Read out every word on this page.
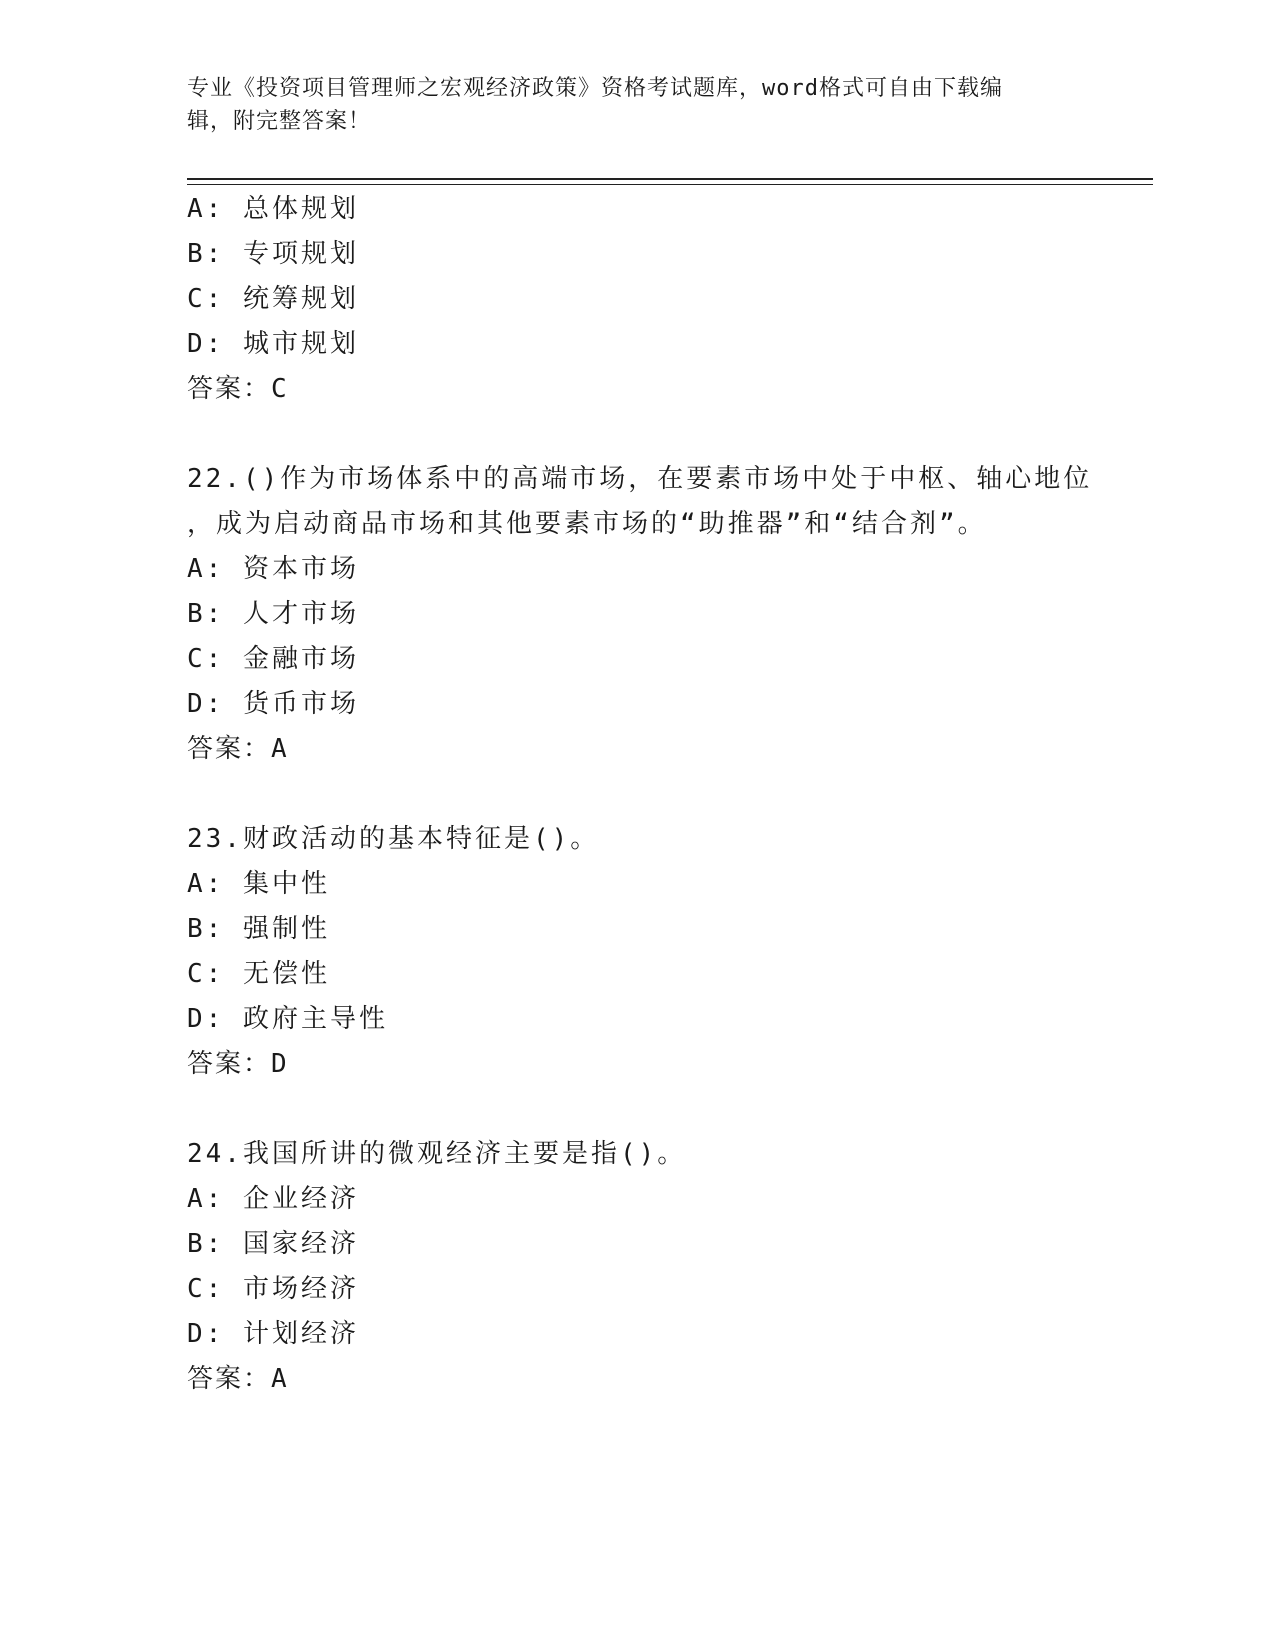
专业《投资项目管理师之宏观经济政策》资格考试题库，word格式可自由下载编
辑，附完整答案！
A: 总体规划
B: 专项规划
C: 统筹规划
D: 城市规划
答案：C
22.()作为市场体系中的高端市场，在要素市场中处于中枢、轴心地位
，成为启动商品市场和其他要素市场的“助推器”和“结合剂”。
A: 资本市场
B: 人才市场
C: 金融市场
D: 货币市场
答案：A
23.财政活动的基本特征是()。
A: 集中性
B: 强制性
C: 无偿性
D: 政府主导性
答案：D
24.我国所讲的微观经济主要是指()。
A: 企业经济
B: 国家经济
C: 市场经济
D: 计划经济
答案：A
